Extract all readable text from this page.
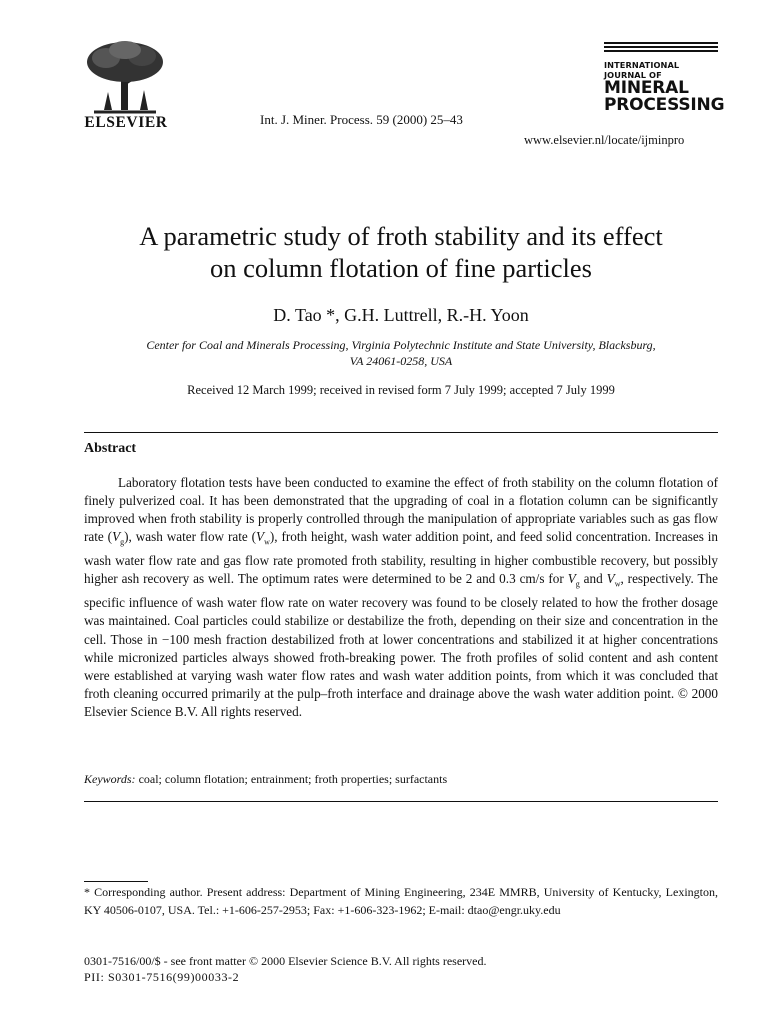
ELSEVIER	Int. J. Miner. Process. 59 (2000) 25–43
INTERNATIONAL JOURNAL OF
MINERAL
PROCESSING
www.elsevier.nl/locate/ijminpro
A parametric study of froth stability and its effect
on column flotation of fine particles
D. Tao *, G.H. Luttrell, R.-H. Yoon
Center for Coal and Minerals Processing, Virginia Polytechnic Institute and State University, Blacksburg,
VA 24061-0258, USA
Received 12 March 1999; received in revised form 7 July 1999; accepted 7 July 1999
Abstract
Laboratory flotation tests have been conducted to examine the effect of froth stability on the column flotation of finely pulverized coal. It has been demonstrated that the upgrading of coal in a flotation column can be significantly improved when froth stability is properly controlled through the manipulation of appropriate variables such as gas flow rate $(V_g)$, wash water flow rate $(V_w)$, froth height, wash water addition point, and feed solid concentration. Increases in wash water flow rate and gas flow rate promoted froth stability, resulting in higher combustible recovery, but possibly higher ash recovery as well. The optimum rates were determined to be 2 and 0.3 cm/s for $V_g$ and $V_w$, respectively. The specific influence of wash water flow rate on water recovery was found to be closely related to how the frother dosage was maintained. Coal particles could stabilize or destabilize the froth, depending on their size and concentration in the cell. Those in −100 mesh fraction destabilized froth at lower concentrations and stabilized it at higher concentrations while micronized particles always showed froth-breaking power. The froth profiles of solid content and ash content were established at varying wash water flow rates and wash water addition points, from which it was concluded that froth cleaning occurred primarily at the pulp–froth interface and drainage above the wash water addition point. © 2000 Elsevier Science B.V. All rights reserved.
Keywords: coal; column flotation; entrainment; froth properties; surfactants
* Corresponding author. Present address: Department of Mining Engineering, 234E MMRB, University of Kentucky, Lexington, KY 40506-0107, USA. Tel.: +1-606-257-2953; Fax: +1-606-323-1962; E-mail: dtao@engr.uky.edu
0301-7516/00/$ - see front matter © 2000 Elsevier Science B.V. All rights reserved.
PII: S0301-7516(99)00033-2
